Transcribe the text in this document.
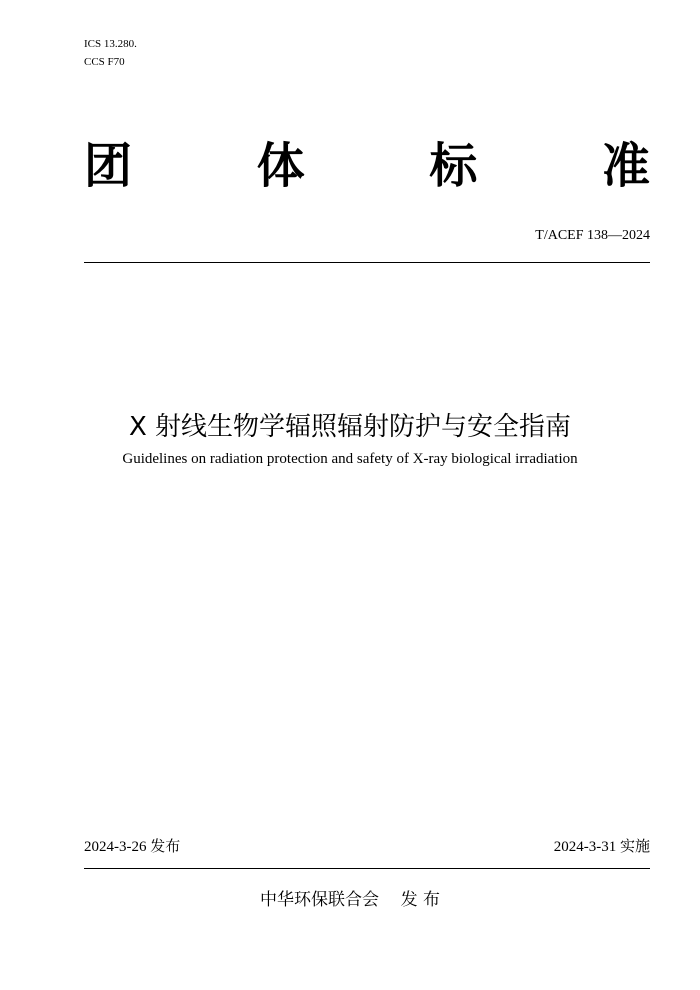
ICS 13.280.
CCS F70
团	体	标	准
T/ACEF 138—2024
X 射线生物学辐照辐射防护与安全指南
Guidelines on radiation protection and safety of X-ray biological irradiation
2024-3-26 发布	2024-3-31 实施
中华环保联合会 发 布
